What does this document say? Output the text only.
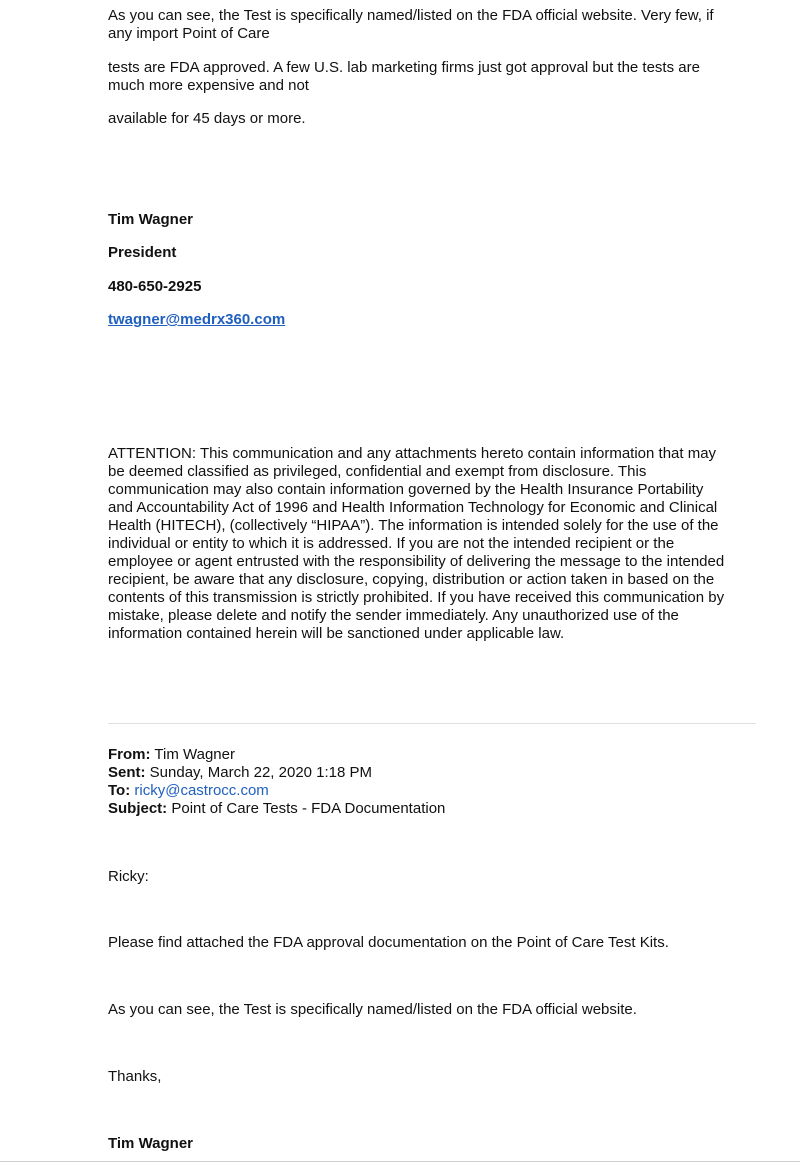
As you can see, the Test is specifically named/listed on the FDA official website. Very few, if
any import Point of Care

tests are FDA approved. A few U.S. lab marketing firms just got approval but the tests are
much more expensive and not

available for 45 days or more.

Tim Wagner

President

480-650-2925

twagner@medrx360.com

ATTENTION: This communication and any attachments hereto contain information that may
be deemed classified as privileged, confidential and exempt from disclosure. This
communication may also contain information governed by the Health Insurance Portability
and Accountability Act of 1996 and Health Information Technology for Economic and Clinical
Health (HITECH), (collectively “HIPAA”). The information is intended solely for the use of the
individual or entity to which it is addressed. If you are not the intended recipient or the
employee or agent entrusted with the responsibility of delivering the message to the intended
recipient, be aware that any disclosure, copying, distribution or action taken in based on the
contents of this transmission is strictly prohibited. If you have received this communication by
mistake, please delete and notify the sender immediately. Any unauthorized use of the
information contained herein will be sanctioned under applicable law.
From: Tim Wagner
Sent: Sunday, March 22, 2020 1:18 PM
To: ricky@castrocc.com
Subject: Point of Care Tests - FDA Documentation

Ricky:

Please find attached the FDA approval documentation on the Point of Care Test Kits.

As you can see, the Test is specifically named/listed on the FDA official website.

Thanks,

Tim Wagner
